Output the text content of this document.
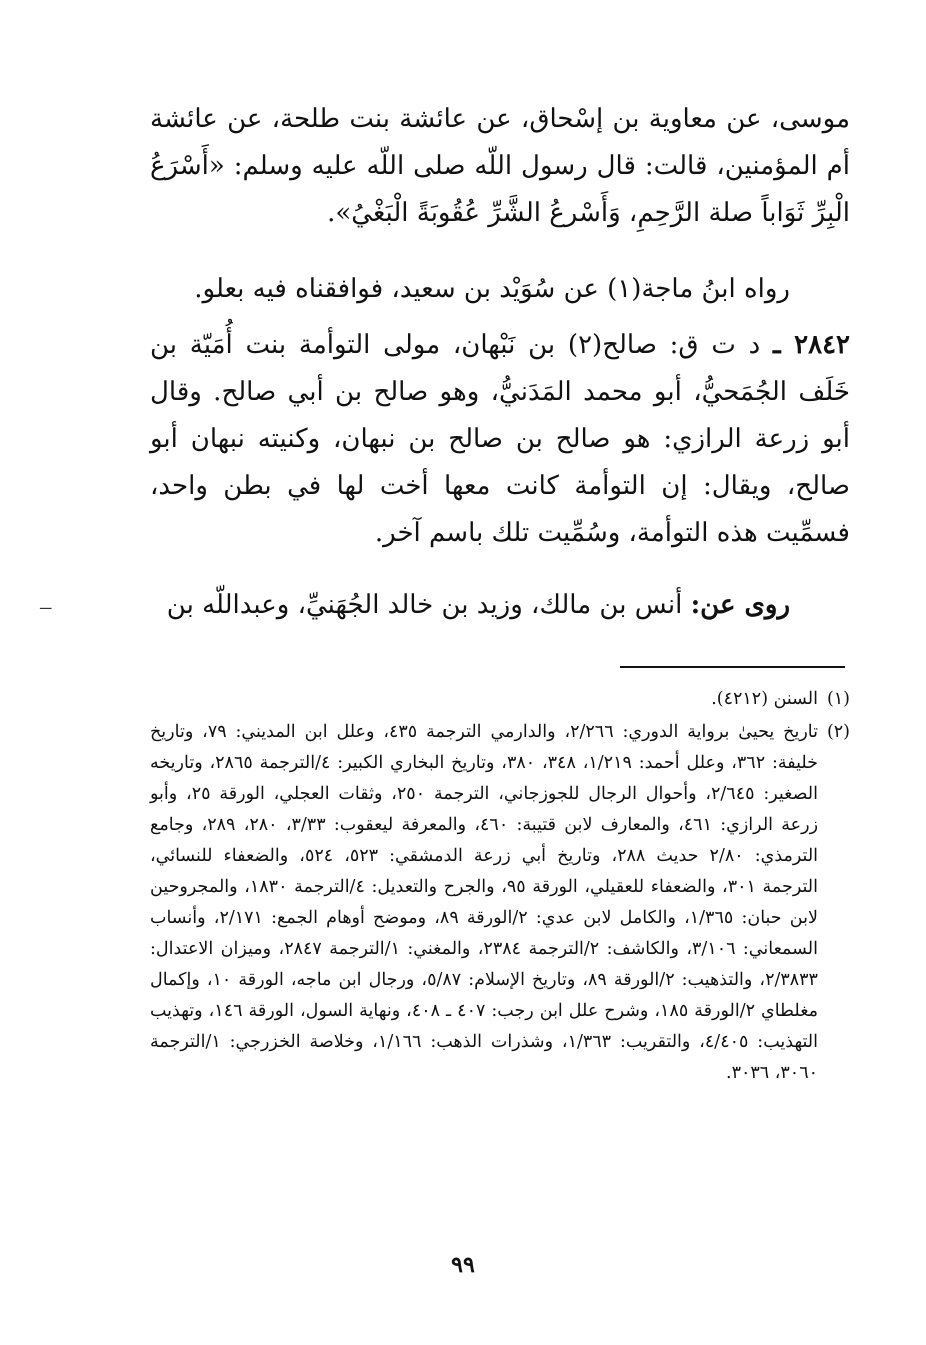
موسى، عن معاوية بن إسْحاق، عن عائشة بنت طلحة، عن عائشة أم المؤمنين، قالت: قال رسول اللّه صلى اللّه عليه وسلم: «أَسْرَعُ الْبِرِّ ثَوَاباً صلة الرَّحِمِ، وَأَسْرعُ الشَّرِّ عُقُوبَةً الْبَغْيُ».

رواه ابنُ ماجة(١) عن سُوَيْد بن سعيد، فوافقناه فيه بعلو.

٢٨٤٢ ـ د ت ق: صالح(٢) بن نَبْهان، مولى التوأمة بنت أُمَيّة بن خَلَف الجُمَحيُّ، أبو محمد المَدَنيُّ، وهو صالح بن أبي صالح. وقال أبو زرعة الرازي: هو صالح بن صالح بن نبهان، وكنيته نبهان أبو صالح، ويقال: إن التوأمة كانت معها أخت لها في بطن واحد، فسمِّيت هذه التوأمة، وسُمِّيت تلك باسم آخر.

روى عن: أنس بن مالك، وزيد بن خالد الجُهَنيِّ، وعبداللّه بن

ـــ

(١)
السنن (٤٢١٢).

(٢)
تاريخ يحيىٰ برواية الدوري: ٢/٢٦٦، والدارمي الترجمة ٤٣٥، وعلل ابن المديني: ٧٩، وتاريخ خليفة: ٣٦٢، وعلل أحمد: ١/٢١٩، ٣٤٨، ٣٨٠، وتاريخ البخاري الكبير: ٤/الترجمة ٢٨٦٥، وتاريخه الصغير: ٢/٦٤٥، وأحوال الرجال للجوزجاني، الترجمة ٢٥٠، وثقات العجلي، الورقة ٢٥، وأبو زرعة الرازي: ٤٦١، والمعارف لابن قتيبة: ٤٦٠، والمعرفة ليعقوب: ٣/٣٣، ٢٨٠، ٢٨٩، وجامع الترمذي: ٢/٨٠ حديث ٢٨٨، وتاريخ أبي زرعة الدمشقي: ٥٢٣، ٥٢٤، والضعفاء للنسائي، الترجمة ٣٠١، والضعفاء للعقيلي، الورقة ٩٥، والجرح والتعديل: ٤/الترجمة ١٨٣٠، والمجروحين لابن حبان: ١/٣٦٥، والكامل لابن عدي: ٢/الورقة ٨٩، وموضح أوهام الجمع: ٢/١٧١، وأنساب السمعاني: ٣/١٠٦، والكاشف: ٢/الترجمة ٢٣٨٤، والمغني: ١/الترجمة ٢٨٤٧، وميزان الاعتدال: ٢/٣٨٣٣، والتذهيب: ٢/الورقة ٨٩، وتاريخ الإسلام: ٥/٨٧، ورجال ابن ماجه، الورقة ١٠، وإكمال مغلطاي ٢/الورقة ١٨٥، وشرح علل ابن رجب: ٤٠٧ ـ ٤٠٨، ونهاية السول، الورقة ١٤٦، وتهذيب التهذيب: ٤/٤٠٥، والتقريب: ١/٣٦٣، وشذرات الذهب: ١/١٦٦، وخلاصة الخزرجي: ١/الترجمة ٣٠٦٠، ٣٠٣٦.

٩٩
